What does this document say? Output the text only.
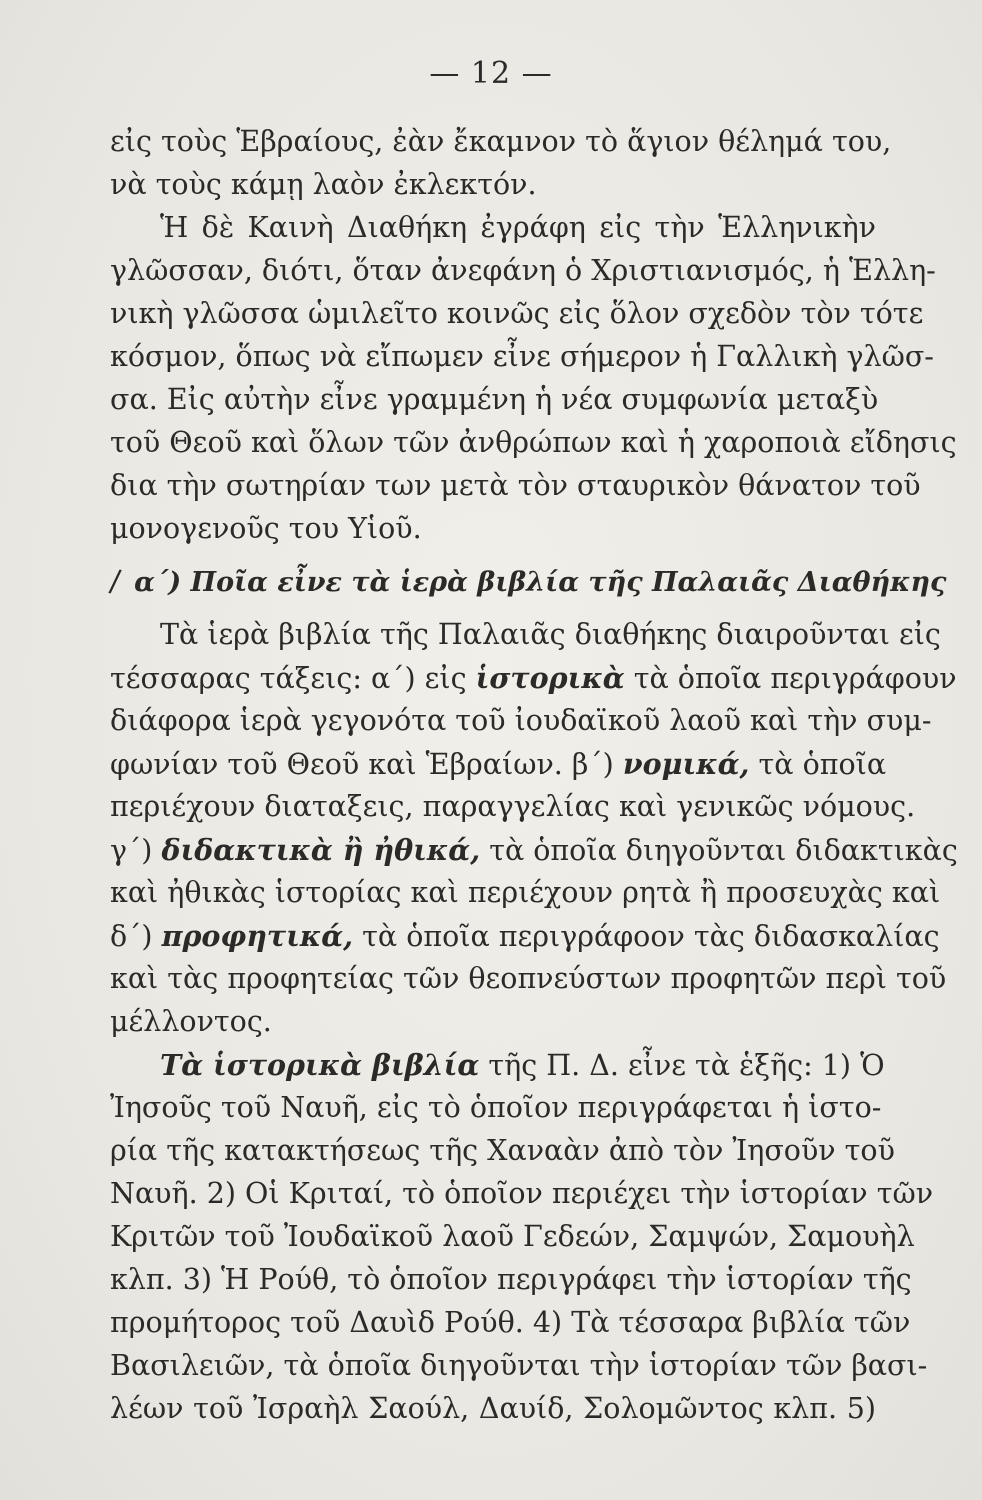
— 12 —
εἰς τοὺς Ἑβραίους, ἐὰν ἔκαμνον τὸ ἅγιον θέλημά του,
νὰ τοὺς κάμῃ λαὸν ἐκλεκτόν.
Ἡ δὲ Καινὴ Διαθήκη ἐγράφη εἰς τὴν Ἑλληνικὴν
γλῶσσαν, διότι, ὅταν ἀνεφάνη ὁ Χριστιανισμός, ἡ Ἑλλη-
νικὴ γλῶσσα ὡμιλεῖτο κοινῶς εἰς ὅλον σχεδὸν τὸν τότε
κόσμον, ὅπως νὰ εἴπωμεν εἶνε σήμερον ἡ Γαλλικὴ γλῶσ-
σα. Εἰς αὐτὴν εἶνε γραμμένη ἡ νέα συμφωνία μεταξὺ
τοῦ Θεοῦ καὶ ὅλων τῶν ἀνθρώπων καὶ ἡ χαροποιὰ εἴδησις
δια τὴν σωτηρίαν των μετὰ τὸν σταυρικὸν θάνατον τοῦ
μονογενοῦς του Υἱοῦ.
/ α΄) Ποῖα εἶνε τὰ ἱερὰ βιβλία τῆς Παλαιᾶς Διαθήκης
Τὰ ἱερὰ βιβλία τῆς Παλαιᾶς διαθήκης διαιροῦνται εἰς
τέσσαρας τάξεις: α΄) εἰς ἱστορικὰ τὰ ὁποῖα περιγράφουν
διάφορα ἱερὰ γεγονότα τοῦ ἰουδαϊκοῦ λαοῦ καὶ τὴν συμ-
φωνίαν τοῦ Θεοῦ καὶ Ἑβραίων. β΄) νομικά, τὰ ὁποῖα
περιέχουν διαταξεις, παραγγελίας καὶ γενικῶς νόμους.
γ΄) διδακτικὰ ἢ ἠθικά, τὰ ὁποῖα διηγοῦνται διδακτικὰς
καὶ ἠθικὰς ἱστορίας καὶ περιέχουν ρητὰ ἢ προσευχὰς καὶ
δ΄) προφητικά, τὰ ὁποῖα περιγράφοον τὰς διδασκαλίας
καὶ τὰς προφητείας τῶν θεοπνεύστων προφητῶν περὶ τοῦ
μέλλοντος.
Τὰ ἱστορικὰ βιβλία τῆς Π. Δ. εἶνε τὰ ἑξῆς: 1) Ὁ
Ἰησοῦς τοῦ Ναυῆ, εἰς τὸ ὁποῖον περιγράφεται ἡ ἱστο-
ρία τῆς κατακτήσεως τῆς Χαναὰν ἀπὸ τὸν Ἰησοῦν τοῦ
Ναυῆ. 2) Οἱ Κριταί, τὸ ὁποῖον περιέχει τὴν ἱστορίαν τῶν
Κριτῶν τοῦ Ἰουδαϊκοῦ λαοῦ Γεδεών, Σαμψών, Σαμουὴλ
κλπ. 3) Ἡ Ρούθ, τὸ ὁποῖον περιγράφει τὴν ἱστορίαν τῆς
προμήτορος τοῦ Δαυὶδ Ρούθ. 4) Τὰ τέσσαρα βιβλία τῶν
Βασιλειῶν, τὰ ὁποῖα διηγοῦνται τὴν ἱστορίαν τῶν βασι-
λέων τοῦ Ἰσραὴλ Σαούλ, Δαυίδ, Σολομῶντος κλπ. 5)
